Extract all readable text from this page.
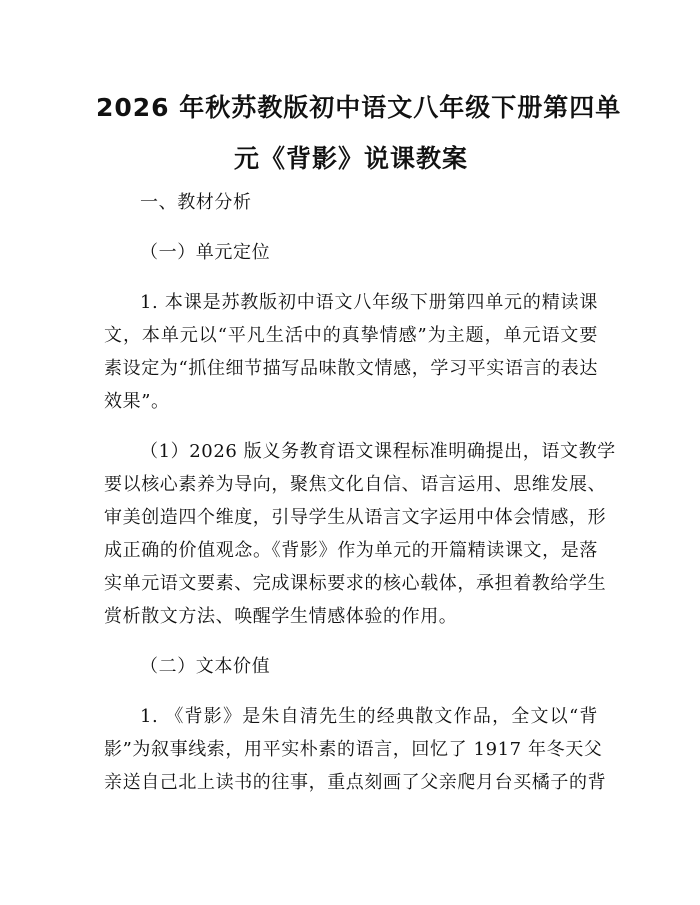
2026 年秋苏教版初中语文八年级下册第四单
元《背影》说课教案
一、教材分析
（一）单元定位
1. 本课是苏教版初中语文八年级下册第四单元的精读课
文，本单元以“平凡生活中的真挚情感”为主题，单元语文要
素设定为“抓住细节描写品味散文情感，学习平实语言的表达
效果”。
（1）2026 版义务教育语文课程标准明确提出，语文教学
要以核心素养为导向，聚焦文化自信、语言运用、思维发展、
审美创造四个维度，引导学生从语言文字运用中体会情感，形
成正确的价值观念。《背影》作为单元的开篇精读课文，是落
实单元语文要素、完成课标要求的核心载体，承担着教给学生
赏析散文方法、唤醒学生情感体验的作用。
（二）文本价值
1. 《背影》是朱自清先生的经典散文作品，全文以“背
影”为叙事线索，用平实朴素的语言，回忆了 1917 年冬天父
亲送自己北上读书的往事，重点刻画了父亲爬月台买橘子的背
